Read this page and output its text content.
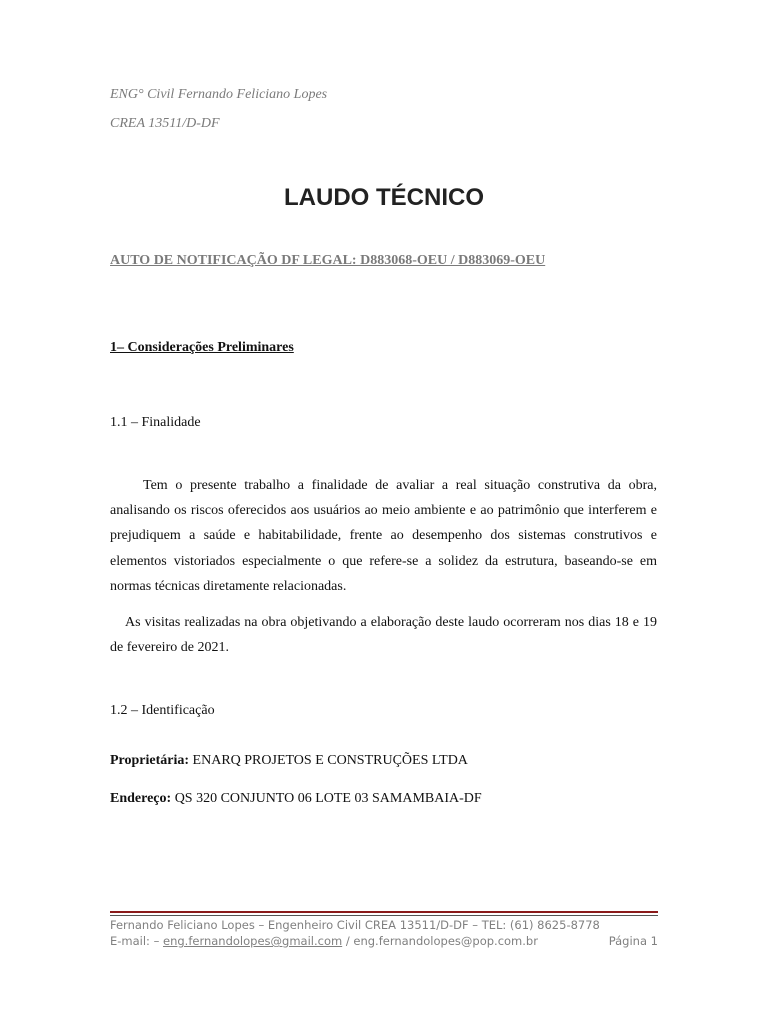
ENG° Civil Fernando Feliciano Lopes
CREA 13511/D-DF
LAUDO TÉCNICO
AUTO DE NOTIFICAÇÃO DF LEGAL: D883068-OEU / D883069-OEU
1– Considerações Preliminares
1.1 – Finalidade
Tem o presente trabalho a finalidade de avaliar a real situação construtiva da obra, analisando os riscos oferecidos aos usuários ao meio ambiente e ao patrimônio que interferem e prejudiquem a saúde e habitabilidade, frente ao desempenho dos sistemas construtivos e elementos vistoriados especialmente o que refere-se a solidez da estrutura, baseando-se em normas técnicas diretamente relacionadas.
As visitas realizadas na obra objetivando a elaboração deste laudo ocorreram nos dias 18 e 19 de fevereiro de 2021.
1.2 – Identificação
Proprietária: ENARQ PROJETOS E CONSTRUÇÕES LTDA
Endereço: QS 320 CONJUNTO 06 LOTE 03 SAMAMBAIA-DF
Fernando Feliciano Lopes – Engenheiro Civil CREA 13511/D-DF – TEL: (61) 8625-8778
E-mail: – eng.fernandolopes@gmail.com / eng.fernandolopes@pop.com.br	Página 1
